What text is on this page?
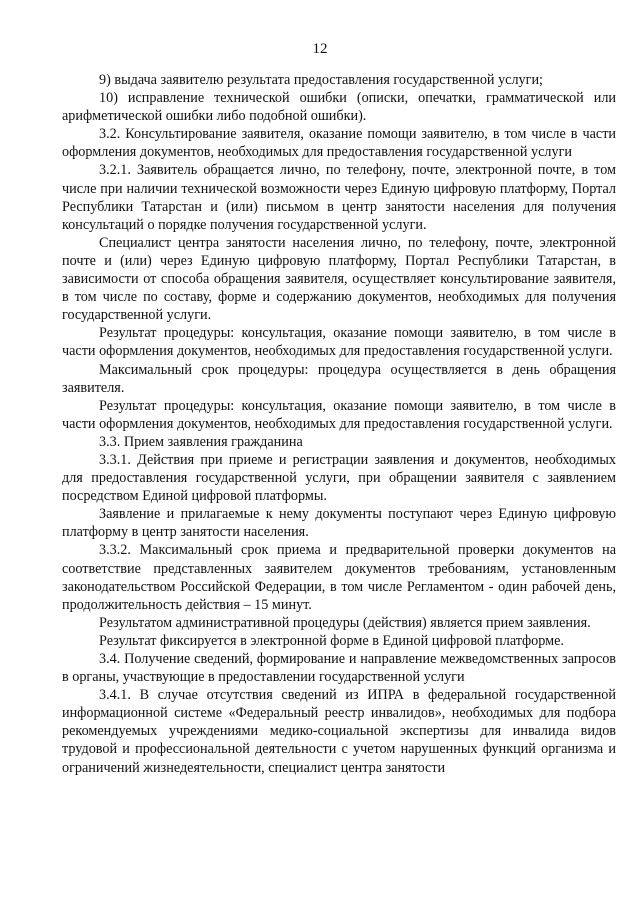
12

9) выдача заявителю результата предоставления государственной услуги;

10) исправление технической ошибки (описки, опечатки, грамматической или арифметической ошибки либо подобной ошибки).

3.2. Консультирование заявителя, оказание помощи заявителю, в том числе в части оформления документов, необходимых для предоставления государственной услуги

3.2.1. Заявитель обращается лично, по телефону, почте, электронной почте, в том числе при наличии технической возможности через Единую цифровую платформу, Портал Республики Татарстан и (или) письмом в центр занятости населения для получения консультаций о порядке получения государственной услуги.

Специалист центра занятости населения лично, по телефону, почте, электронной почте и (или) через Единую цифровую платформу, Портал Республики Татарстан, в зависимости от способа обращения заявителя, осуществляет консультирование заявителя, в том числе по составу, форме и содержанию документов, необходимых для получения государственной услуги.

Результат процедуры: консультация, оказание помощи заявителю, в том числе в части оформления документов, необходимых для предоставления государственной услуги.

Максимальный срок процедуры: процедура осуществляется в день обращения заявителя.

Результат процедуры: консультация, оказание помощи заявителю, в том числе в части оформления документов, необходимых для предоставления государственной услуги.

3.3. Прием заявления гражданина

3.3.1. Действия при приеме и регистрации заявления и документов, необходимых для предоставления государственной услуги, при обращении заявителя с заявлением посредством Единой цифровой платформы.

Заявление и прилагаемые к нему документы поступают через Единую цифровую платформу в центр занятости населения.

3.3.2. Максимальный срок приема и предварительной проверки документов на соответствие представленных заявителем документов требованиям, установленным законодательством Российской Федерации, в том числе Регламентом - один рабочей день, продолжительность действия – 15 минут.

Результатом административной процедуры (действия) является прием заявления.

Результат фиксируется в электронной форме в Единой цифровой платформе.

3.4. Получение сведений, формирование и направление межведомственных запросов в органы, участвующие в предоставлении государственной услуги

3.4.1. В случае отсутствия сведений из ИПРА в федеральной государственной информационной системе «Федеральный реестр инвалидов», необходимых для подбора рекомендуемых учреждениями медико-социальной экспертизы для инвалида видов трудовой и профессиональной деятельности с учетом нарушенных функций организма и ограничений жизнедеятельности, специалист центра занятости
